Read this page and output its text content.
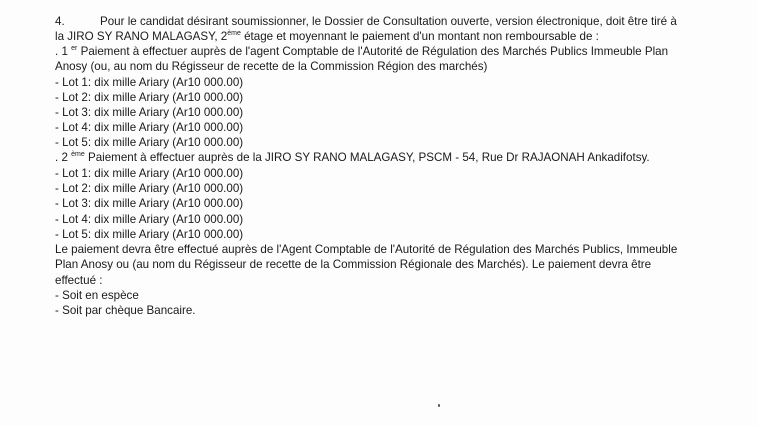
4.	Pour le candidat désirant soumissionner, le Dossier de Consultation ouverte, version électronique, doit être tiré à
la JIRO SY RANO MALAGASY, 2ème étage et moyennant le paiement d'un montant non remboursable de :
. 1 $^{er}$ Paiement à effectuer auprès de l'agent Comptable de l'Autorité de Régulation des Marchés Publics Immeuble Plan
Anosy (ou, au nom du Régisseur de recette de la Commission Région des marchés)
- Lot 1: dix mille Ariary (Ar10 000.00)
- Lot 2: dix mille Ariary (Ar10 000.00)
- Lot 3: dix mille Ariary (Ar10 000.00)
- Lot 4: dix mille Ariary (Ar10 000.00)
- Lot 5: dix mille Ariary (Ar10 000.00)
. 2 $^{ème}$ Paiement à effectuer auprès de la JIRO SY RANO MALAGASY, PSCM - 54, Rue Dr RAJAONAH Ankadifotsy.
- Lot 1: dix mille Ariary (Ar10 000.00)
- Lot 2: dix mille Ariary (Ar10 000.00)
- Lot 3: dix mille Ariary (Ar10 000.00)
- Lot 4: dix mille Ariary (Ar10 000.00)
- Lot 5: dix mille Ariary (Ar10 000.00)
Le paiement devra être effectué auprès de l'Agent Comptable de l'Autorité de Régulation des Marchés Publics, Immeuble
Plan Anosy ou (au nom du Régisseur de recette de la Commission Régionale des Marchés). Le paiement devra être
effectué :
- Soit en espèce
- Soit par chèque Bancaire.
